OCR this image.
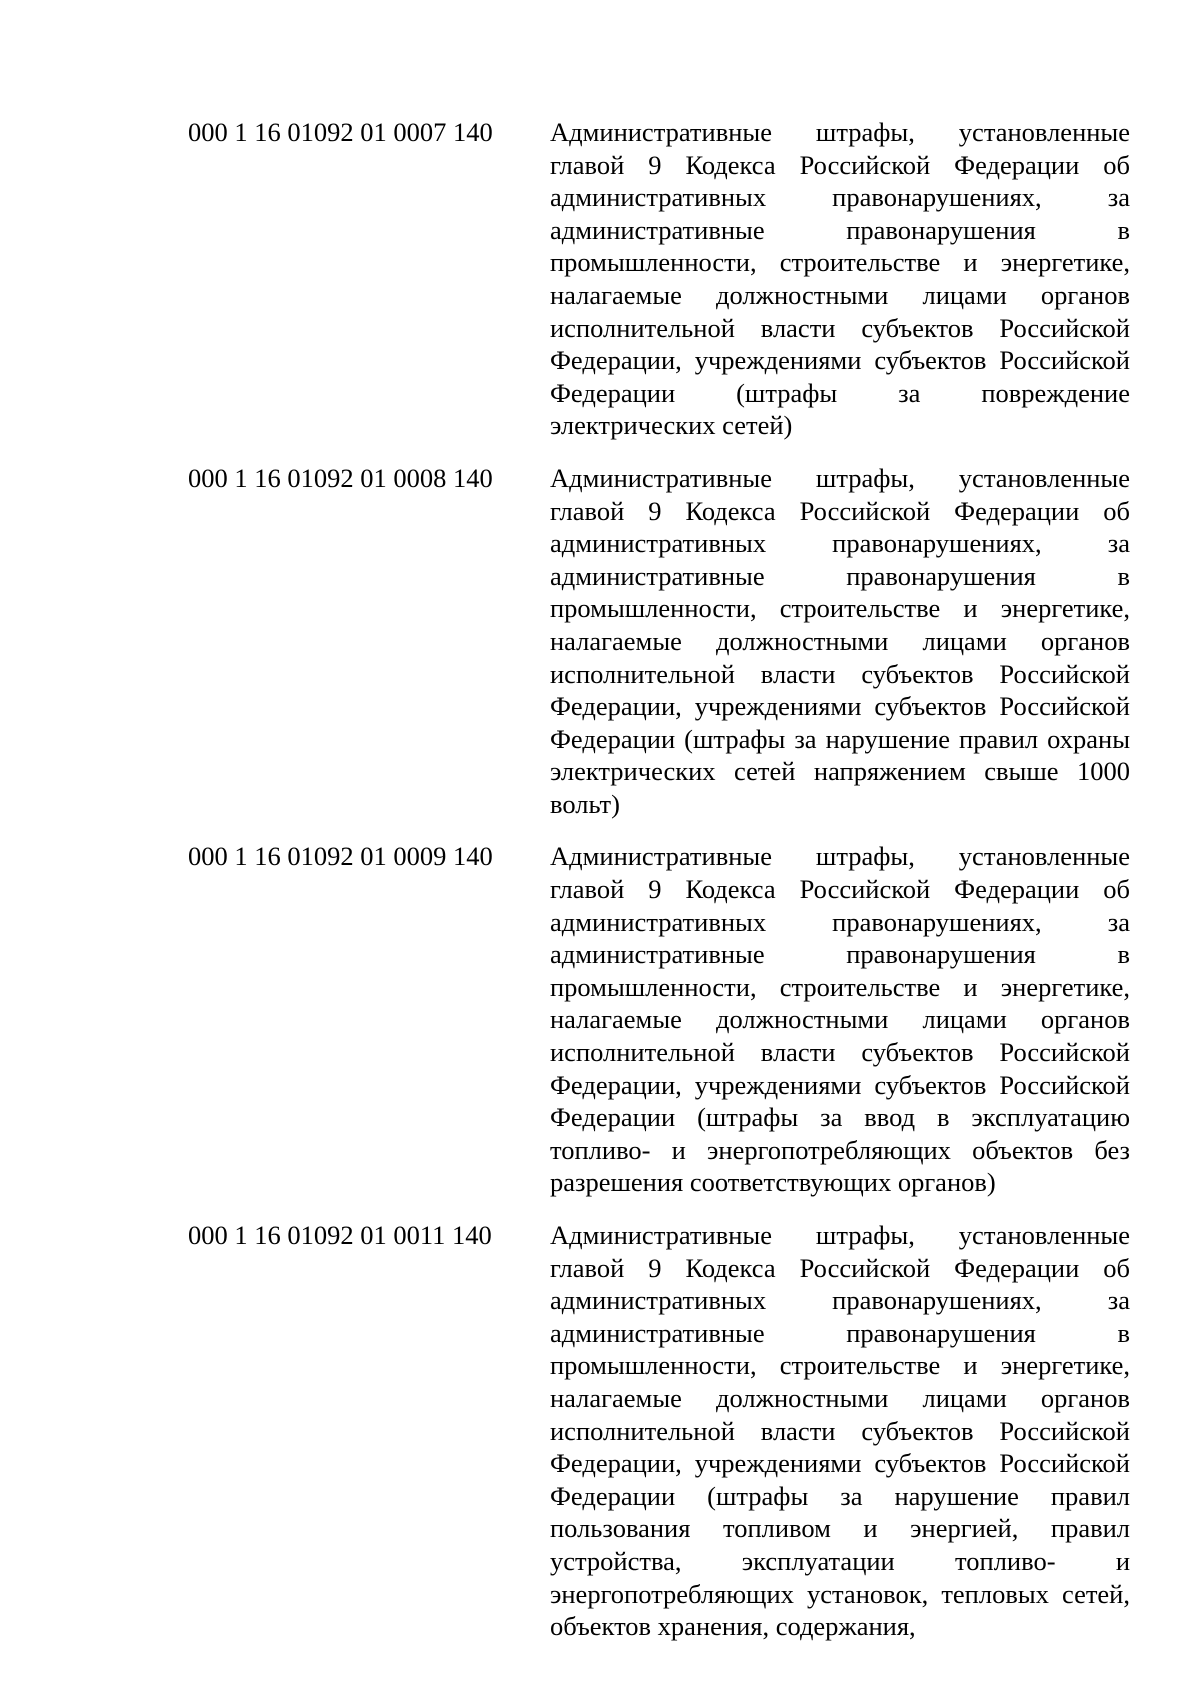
000 1 16 01092 01 0007 140	Административные штрафы, установленные главой 9 Кодекса Российской Федерации об административных правонарушениях, за административные правонарушения в промышленности, строительстве и энергетике, налагаемые должностными лицами органов исполнительной власти субъектов Российской Федерации, учреждениями субъектов Российской Федерации (штрафы за повреждение электрических сетей)
000 1 16 01092 01 0008 140	Административные штрафы, установленные главой 9 Кодекса Российской Федерации об административных правонарушениях, за административные правонарушения в промышленности, строительстве и энергетике, налагаемые должностными лицами органов исполнительной власти субъектов Российской Федерации, учреждениями субъектов Российской Федерации (штрафы за нарушение правил охраны электрических сетей напряжением свыше 1000 вольт)
000 1 16 01092 01 0009 140	Административные штрафы, установленные главой 9 Кодекса Российской Федерации об административных правонарушениях, за административные правонарушения в промышленности, строительстве и энергетике, налагаемые должностными лицами органов исполнительной власти субъектов Российской Федерации, учреждениями субъектов Российской Федерации (штрафы за ввод в эксплуатацию топливо- и энергопотребляющих объектов без разрешения соответствующих органов)
000 1 16 01092 01 0011 140	Административные штрафы, установленные главой 9 Кодекса Российской Федерации об административных правонарушениях, за административные правонарушения в промышленности, строительстве и энергетике, налагаемые должностными лицами органов исполнительной власти субъектов Российской Федерации, учреждениями субъектов Российской Федерации (штрафы за нарушение правил пользования топливом и энергией, правил устройства, эксплуатации топливо- и энергопотребляющих установок, тепловых сетей, объектов хранения, содержания,
